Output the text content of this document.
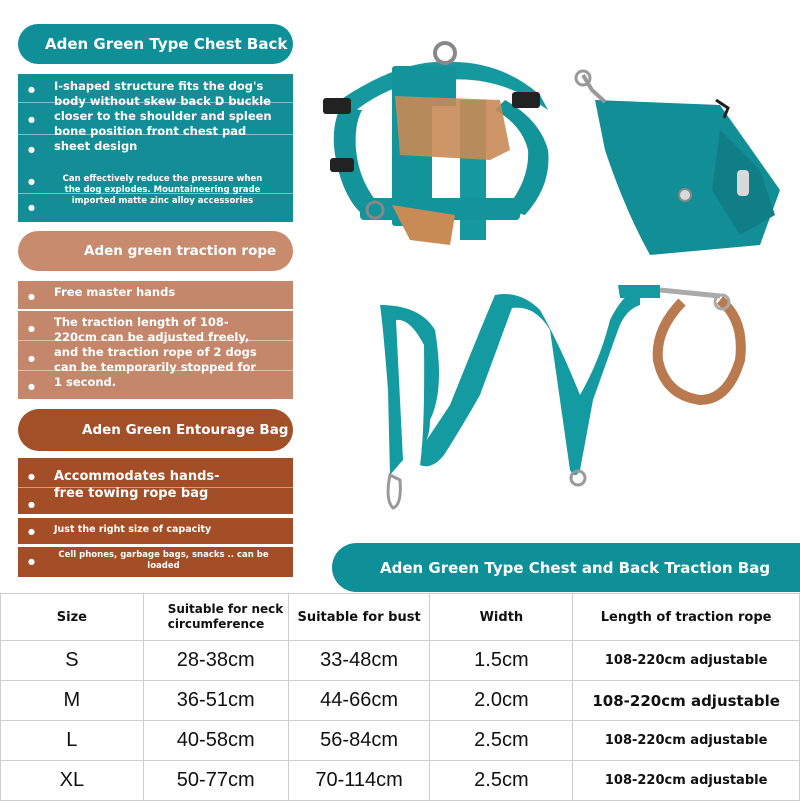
Aden Green Type Chest Back
●
●
●
I-shaped structure fits the dog's body without skew back D buckle closer to the shoulder and spleen bone position front chest pad sheet design
●
●
Can effectively reduce the pressure when the dog explodes. Mountaineering grade imported matte zinc alloy accessories
Aden green traction rope
● Free master hands
●
●
●
The traction length of 108-220cm can be adjusted freely, and the traction rope of 2 dogs can be temporarily stopped for 1 second.
Aden Green Entourage Bag
●
●
Accommodates hands-free towing rope bag
● Just the right size of capacity
●
Cell phones, garbage bags, snacks .. can be loaded	Aden Green Type Chest and Back Traction Bag
Size	Suitable for neck circumference	Suitable for bust	Width	Length of traction rope
S	28-38cm	33-48cm	1.5cm	108-220cm adjustable
M	36-51cm	44-66cm	2.0cm	108-220cm adjustable
L	40-58cm	56-84cm	2.5cm	108-220cm adjustable
XL	50-77cm	70-114cm	2.5cm	108-220cm adjustable
